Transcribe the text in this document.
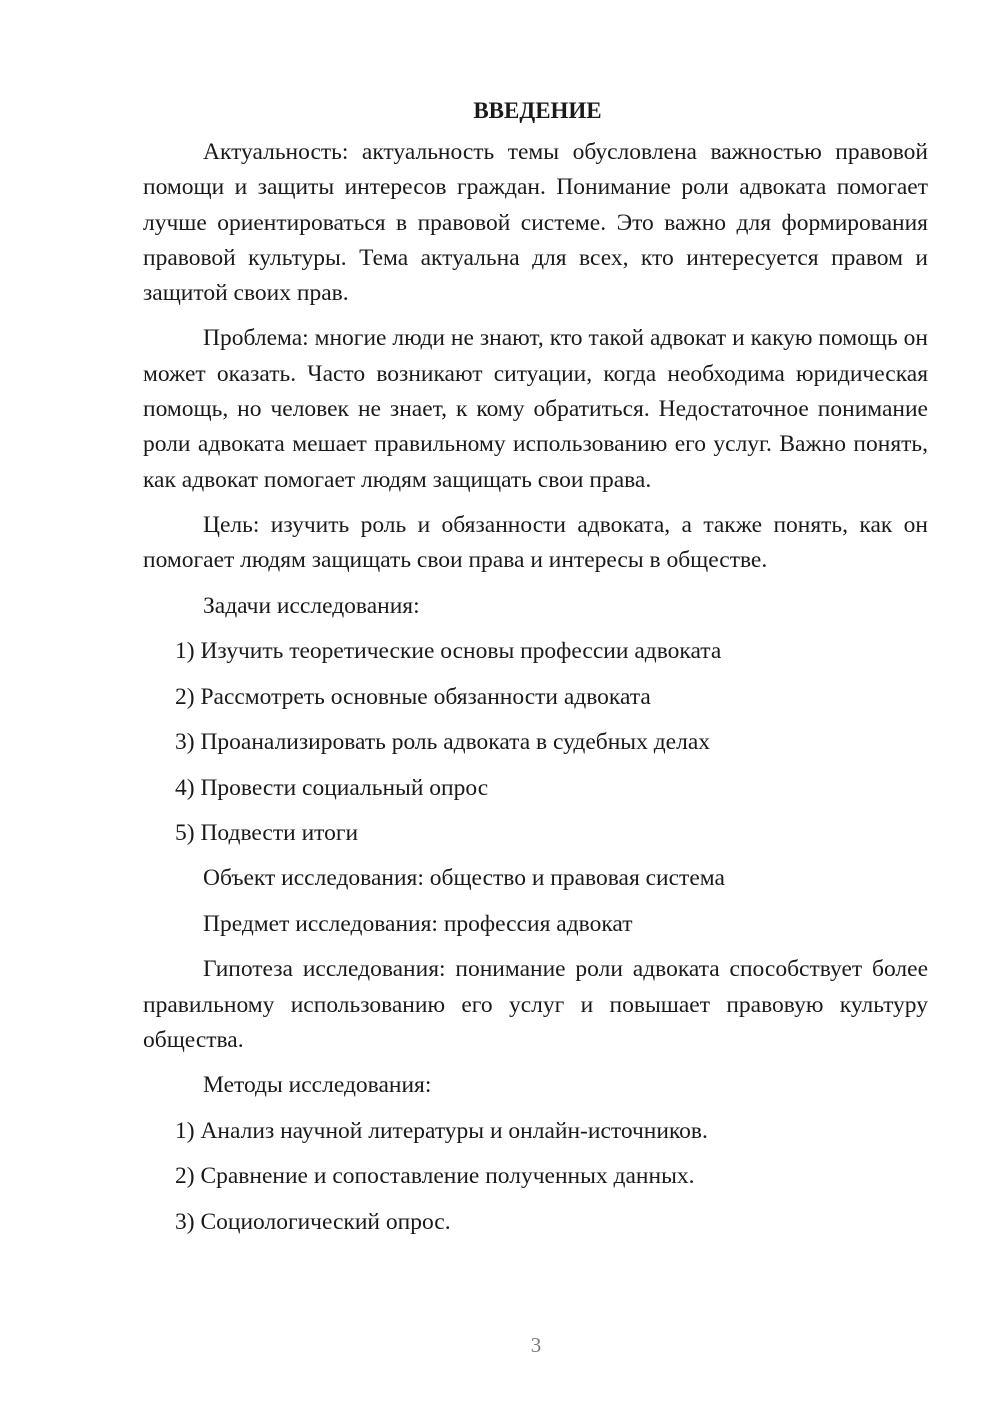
ВВЕДЕНИЕ

Актуальность: актуальность темы обусловлена важностью правовой помощи и защиты интересов граждан. Понимание роли адвоката помогает лучше ориентироваться в правовой системе. Это важно для формирования правовой культуры. Тема актуальна для всех, кто интересуется правом и защитой своих прав.

Проблема: многие люди не знают, кто такой адвокат и какую помощь он может оказать. Часто возникают ситуации, когда необходима юридическая помощь, но человек не знает, к кому обратиться. Недостаточное понимание роли адвоката мешает правильному использованию его услуг. Важно понять, как адвокат помогает людям защищать свои права.

Цель: изучить роль и обязанности адвоката, а также понять, как он помогает людям защищать свои права и интересы в обществе.

Задачи исследования:
1) Изучить теоретические основы профессии адвоката
2) Рассмотреть основные обязанности адвоката
3) Проанализировать роль адвоката в судебных делах
4) Провести социальный опрос
5) Подвести итоги
Объект исследования: общество и правовая система
Предмет исследования: профессия адвокат

Гипотеза исследования: понимание роли адвоката способствует более правильному использованию его услуг и повышает правовую культуру общества.

Методы исследования:
1) Анализ научной литературы и онлайн-источников.
2) Сравнение и сопоставление полученных данных.
3) Социологический опрос.
3
